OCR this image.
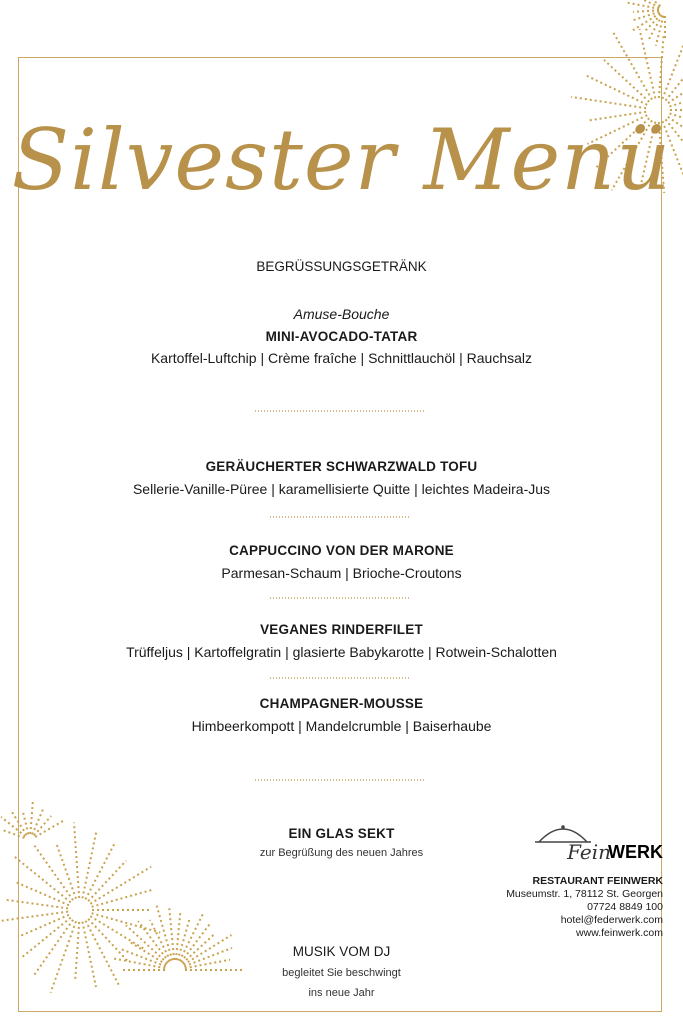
Silvester Menü
BEGRÜSSUNGSGETRÄNK
Amuse-Bouche
MINI-AVOCADO-TATAR
Kartoffel-Luftchip | Crème fraîche | Schnittlauchöl | Rauchsalz
GERÄUCHERTER SCHWARZWALD TOFU
Sellerie-Vanille-Püree | karamellisierte Quitte | leichtes Madeira-Jus
CAPPUCCINO VON DER MARONE
Parmesan-Schaum | Brioche-Croutons
VEGANES RINDERFILET
Trüffeljus | Kartoffelgratin | glasierte Babykarotte | Rotwein-Schalotten
CHAMPAGNER-MOUSSE
Himbeerkompott | Mandelcrumble | Baiserhaube
EIN GLAS SEKT
zur Begrüßung des neuen Jahres
MUSIK VOM DJ
begleitet Sie beschwingt
ins neue Jahr
Fein
WERK
RESTAURANT FEINWERK
Museumstr. 1, 78112 St. Georgen
07724 8849 100
hotel@federwerk.com
www.feinwerk.com
